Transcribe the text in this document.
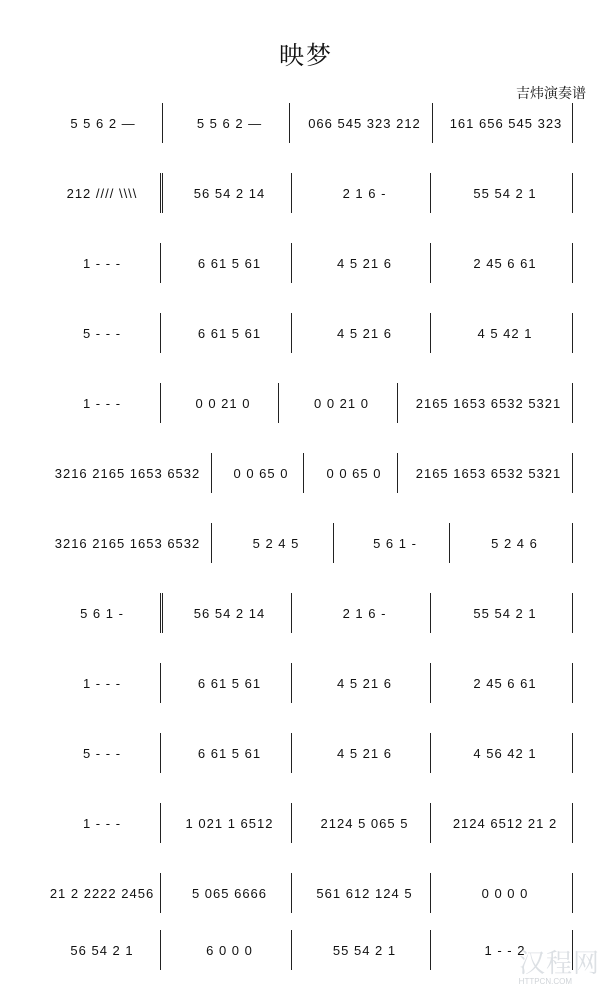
映梦
吉炜演奏谱
5 5 6 2 —	5 5 6 2 —	066 545 323 212	161 656 545 323
212 //// \\\\	56 54 2 14	2 1 6 -	55 54 2 1
1 - - -	6 61 5 61	4 5 21 6	2 45 6 61
5 - - -	6 61 5 61	4 5 21 6	4 5 42 1
1 - - -	0 0 21 0	0 0 21 0	2165 1653 6532 5321
3216 2165 1653 6532	0 0 65 0	0 0 65 0	2165 1653 6532 5321
3216 2165 1653 6532	5 2 4 5	5 6 1 -	5 2 4 6
5 6 1 -	56 54 2 14	2 1 6 -	55 54 2 1
1 - - -	6 61 5 61	4 5 21 6	2 45 6 61
5 - - -	6 61 5 61	4 5 21 6	4 56 42 1
1 - - -	1 021 1 6512	2124 5 065 5	2124 6512 21 2
21 2 2222 2456	5 065 6666	561 612 124 5	0 0 0 0
56 54 2 1	6 0 0 0	55 54 2 1	1 - - 2
汉程网
HTTPCN.COM
